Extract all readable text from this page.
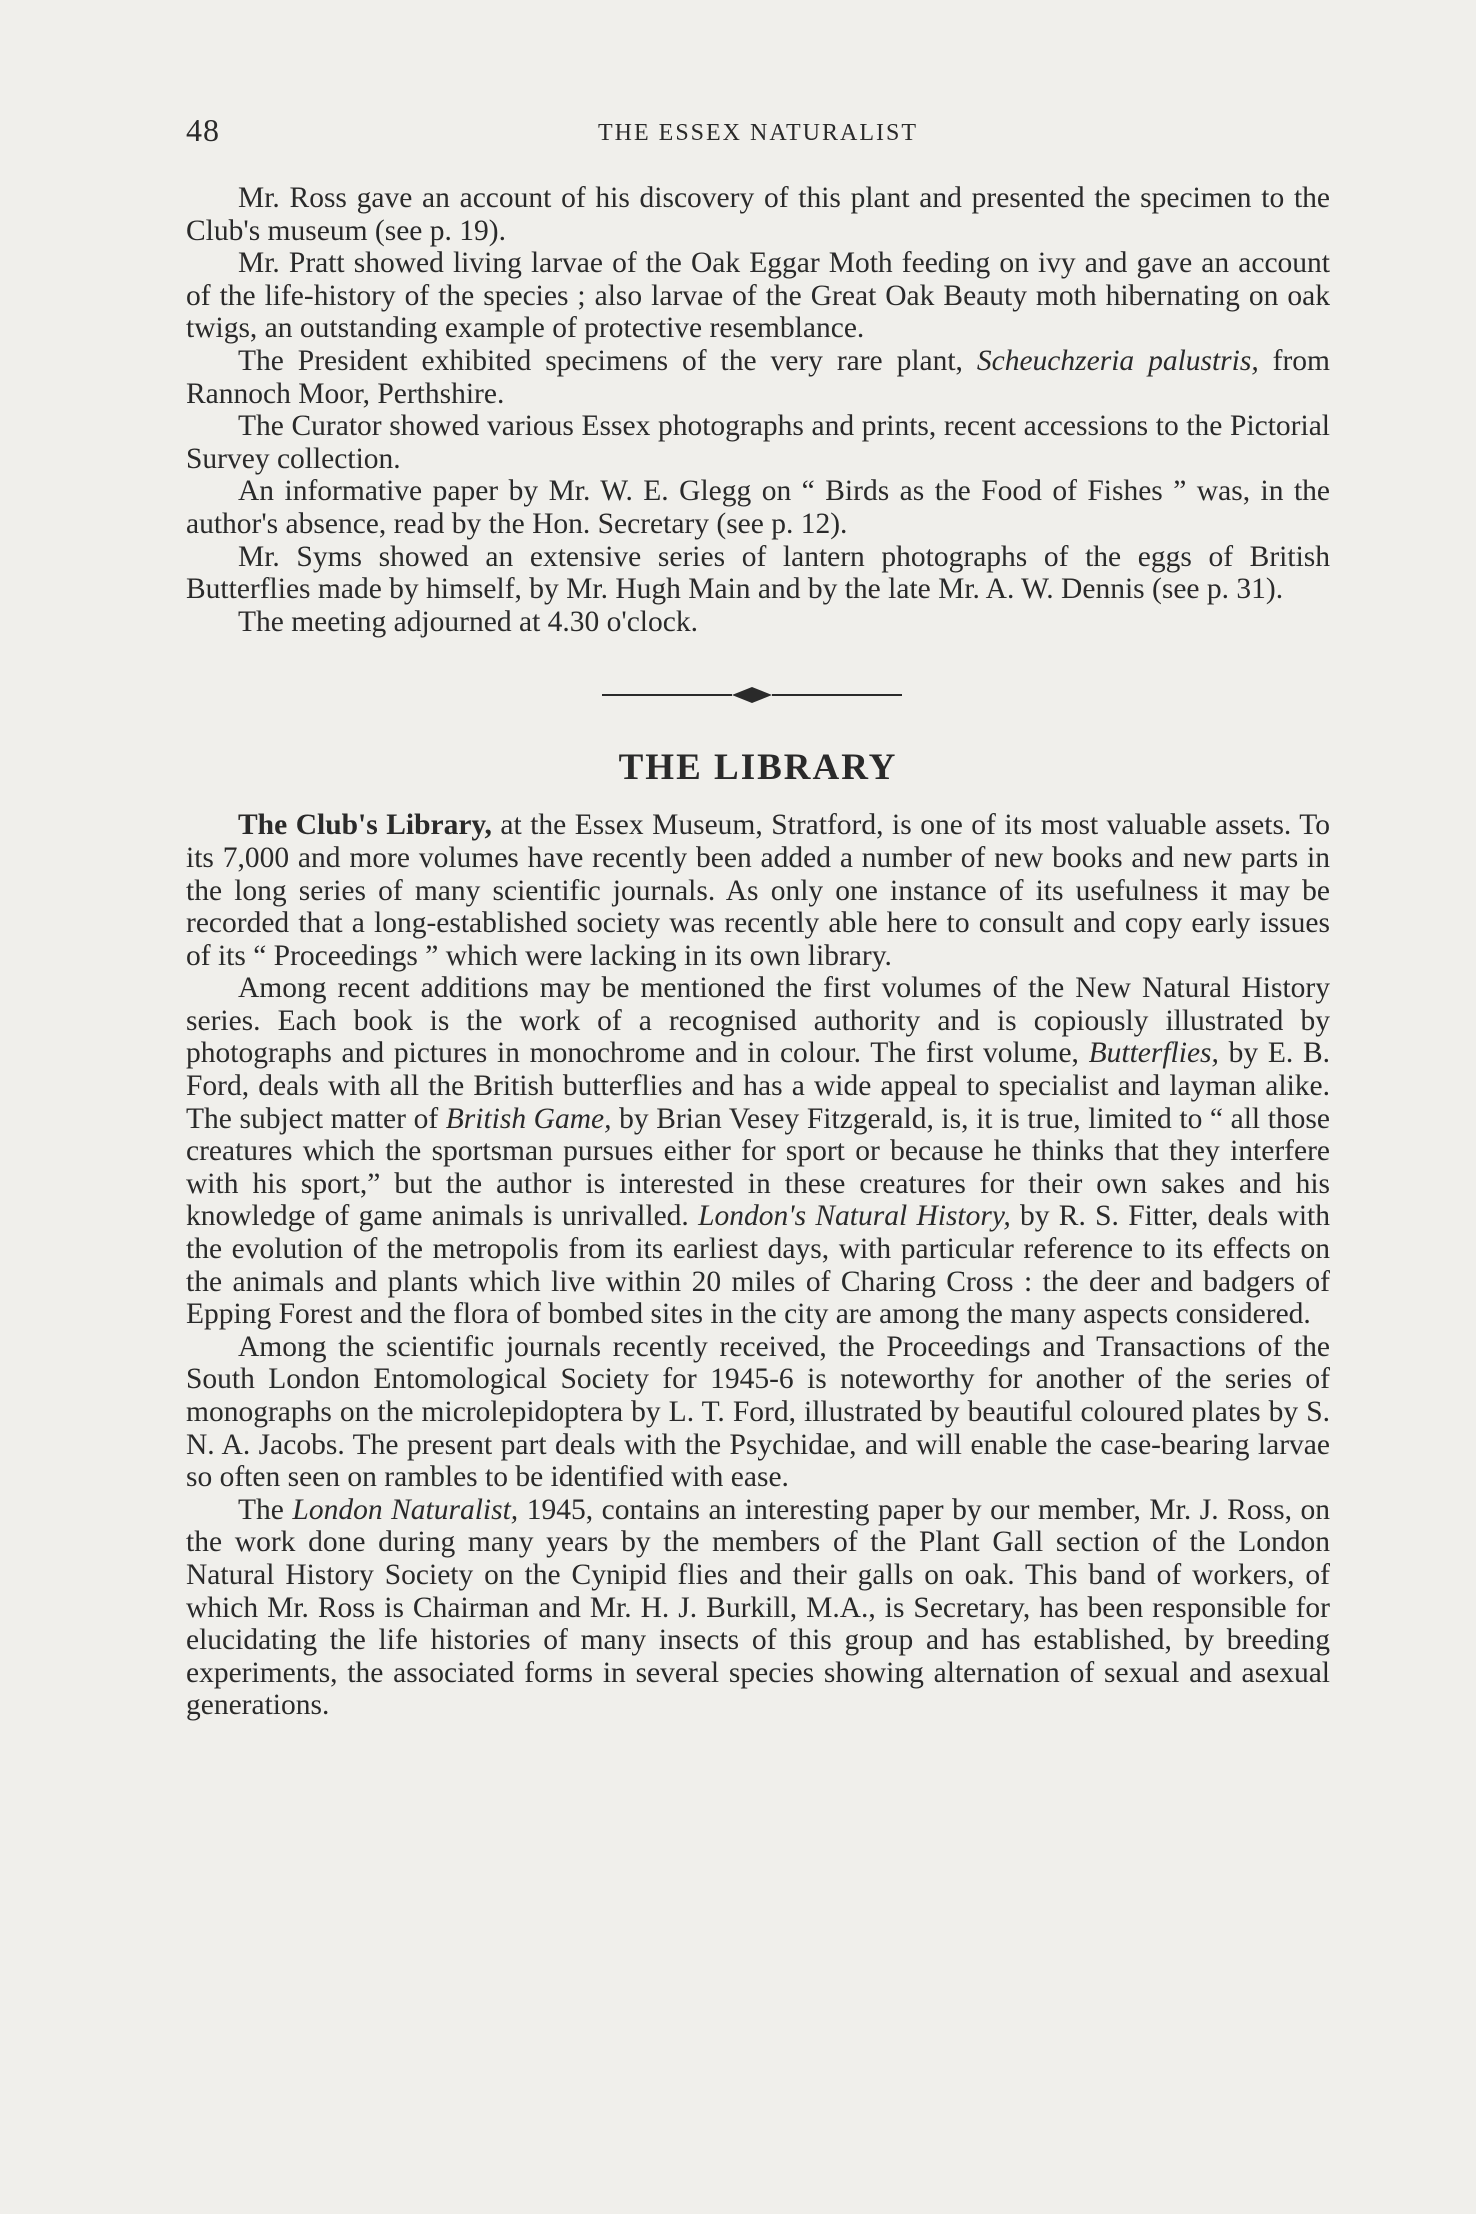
48	THE ESSEX NATURALIST

Mr. Ross gave an account of his discovery of this plant and presented the specimen to the Club's museum (see p. 19).

Mr. Pratt showed living larvae of the Oak Eggar Moth feeding on ivy and gave an account of the life-history of the species ; also larvae of the Great Oak Beauty moth hibernating on oak twigs, an outstanding example of protective resemblance.

The President exhibited specimens of the very rare plant, Scheuchzeria palustris, from Rannoch Moor, Perthshire.

The Curator showed various Essex photographs and prints, recent accessions to the Pictorial Survey collection.

An informative paper by Mr. W. E. Glegg on “ Birds as the Food of Fishes ” was, in the author's absence, read by the Hon. Secretary (see p. 12).

Mr. Syms showed an extensive series of lantern photographs of the eggs of British Butterflies made by himself, by Mr. Hugh Main and by the late Mr. A. W. Dennis (see p. 31).

The meeting adjourned at 4.30 o'clock.

THE LIBRARY

The Club's Library, at the Essex Museum, Stratford, is one of its most valuable assets. To its 7,000 and more volumes have recently been added a number of new books and new parts in the long series of many scientific journals. As only one instance of its usefulness it may be recorded that a long-established society was recently able here to consult and copy early issues of its “ Proceedings ” which were lacking in its own library.

Among recent additions may be mentioned the first volumes of the New Natural History series. Each book is the work of a recognised authority and is copiously illustrated by photographs and pictures in monochrome and in colour. The first volume, Butterflies, by E. B. Ford, deals with all the British butterflies and has a wide appeal to specialist and layman alike. The subject matter of British Game, by Brian Vesey Fitzgerald, is, it is true, limited to “ all those creatures which the sportsman pursues either for sport or because he thinks that they interfere with his sport,” but the author is interested in these creatures for their own sakes and his knowledge of game animals is unrivalled. London's Natural History, by R. S. Fitter, deals with the evolution of the metropolis from its earliest days, with particular reference to its effects on the animals and plants which live within 20 miles of Charing Cross : the deer and badgers of Epping Forest and the flora of bombed sites in the city are among the many aspects considered.

Among the scientific journals recently received, the Proceedings and Transactions of the South London Entomological Society for 1945-6 is noteworthy for another of the series of monographs on the microlepidoptera by L. T. Ford, illustrated by beautiful coloured plates by S. N. A. Jacobs. The present part deals with the Psychidae, and will enable the case-bearing larvae so often seen on rambles to be identified with ease.

The London Naturalist, 1945, contains an interesting paper by our member, Mr. J. Ross, on the work done during many years by the members of the Plant Gall section of the London Natural History Society on the Cynipid flies and their galls on oak. This band of workers, of which Mr. Ross is Chairman and Mr. H. J. Burkill, M.A., is Secretary, has been responsible for elucidating the life histories of many insects of this group and has established, by breeding experiments, the associated forms in several species showing alternation of sexual and asexual generations.
